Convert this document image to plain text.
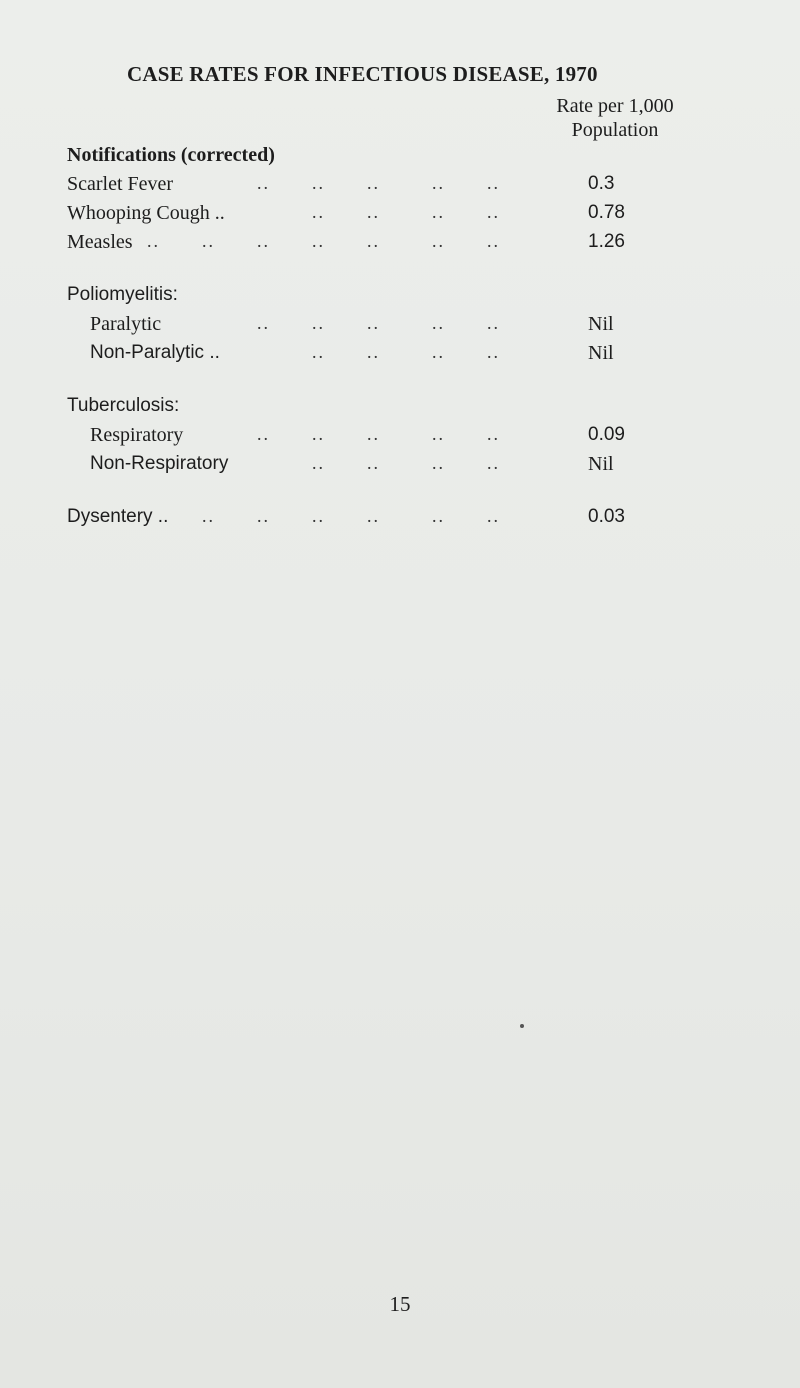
CASE RATES FOR INFECTIOUS DISEASE, 1970
Rate per 1,000
Population
Notifications (corrected)
Scarlet Fever	.. .. ..	.. ..	0.3
Whooping Cough ..	.. ..	.. ..	0.78
Measles .. .. .. .. ..	.. ..	1.26
Poliomyelitis:
Paralytic	.. .. ..	.. ..	Nil
Non-Paralytic ..	.. ..	.. ..	Nil
Tuberculosis:
Respiratory	.. .. ..	.. ..	0.09
Non-Respiratory	.. ..	.. ..	Nil
Dysentery .. .. .. .. ..	.. ..	0.03
15
